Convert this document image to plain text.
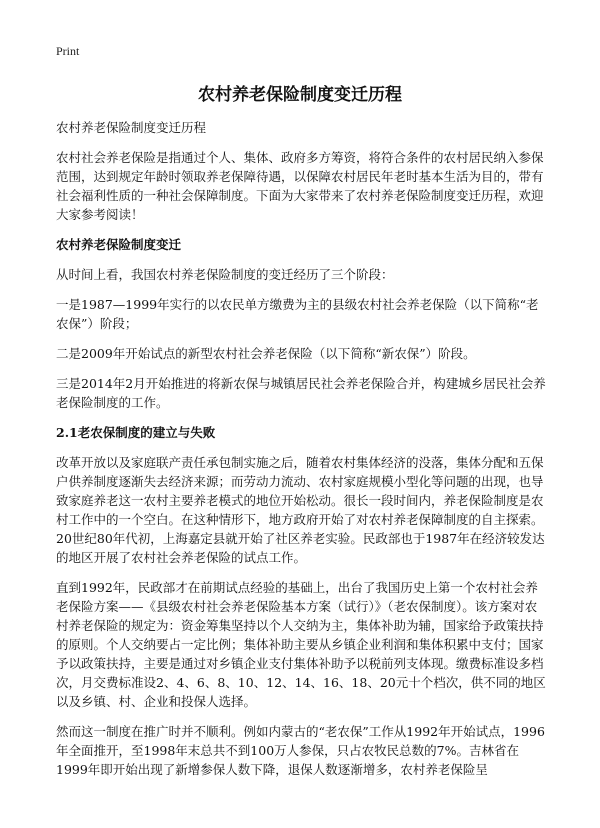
Print
农村养老保险制度变迁历程

农村养老保险制度变迁历程

农村社会养老保险是指通过个人、集体、政府多方筹资，将符合条件的农村居民纳入参保范围，达到规定年龄时领取养老保障待遇，以保障农村居民年老时基本生活为目的，带有社会福利性质的一种社会保障制度。下面为大家带来了农村养老保险制度变迁历程，欢迎大家参考阅读！

农村养老保险制度变迁

从时间上看，我国农村养老保险制度的变迁经历了三个阶段：

一是1987—1999年实行的以农民单方缴费为主的县级农村社会养老保险（以下简称“老农保”）阶段；

二是2009年开始试点的新型农村社会养老保险（以下简称“新农保”）阶段。

三是2014年2月开始推进的将新农保与城镇居民社会养老保险合并，构建城乡居民社会养老保险制度的工作。

2.1老农保制度的建立与失败

改革开放以及家庭联产责任承包制实施之后，随着农村集体经济的没落，集体分配和五保户供养制度逐渐失去经济来源；而劳动力流动、农村家庭规模小型化等问题的出现，也导致家庭养老这一农村主要养老模式的地位开始松动。很长一段时间内，养老保险制度是农村工作中的一个空白。在这种情形下，地方政府开始了对农村养老保障制度的自主探索。20世纪80年代初，上海嘉定县就开始了社区养老实验。民政部也于1987年在经济较发达的地区开展了农村社会养老保险的试点工作。

直到1992年，民政部才在前期试点经验的基础上，出台了我国历史上第一个农村社会养老保险方案——《县级农村社会养老保险基本方案（试行）》（老农保制度）。该方案对农村养老保险的规定为：资金筹集坚持以个人交纳为主，集体补助为辅，国家给予政策扶持的原则。个人交纳要占一定比例；集体补助主要从乡镇企业利润和集体积累中支付；国家予以政策扶持，主要是通过对乡镇企业支付集体补助予以税前列支体现。缴费标准设多档次，月交费标准设2、4、6、8、10、12、14、16、18、20元十个档次，供不同的地区以及乡镇、村、企业和投保人选择。

然而这一制度在推广时并不顺利。例如内蒙古的“老农保”工作从1992年开始试点，1996年全面推开，至1998年末总共不到100万人参保，只占农牧民总数的7%。吉林省在1999年即开始出现了新增参保人数下降，退保人数逐渐增多，农村养老保险呈
